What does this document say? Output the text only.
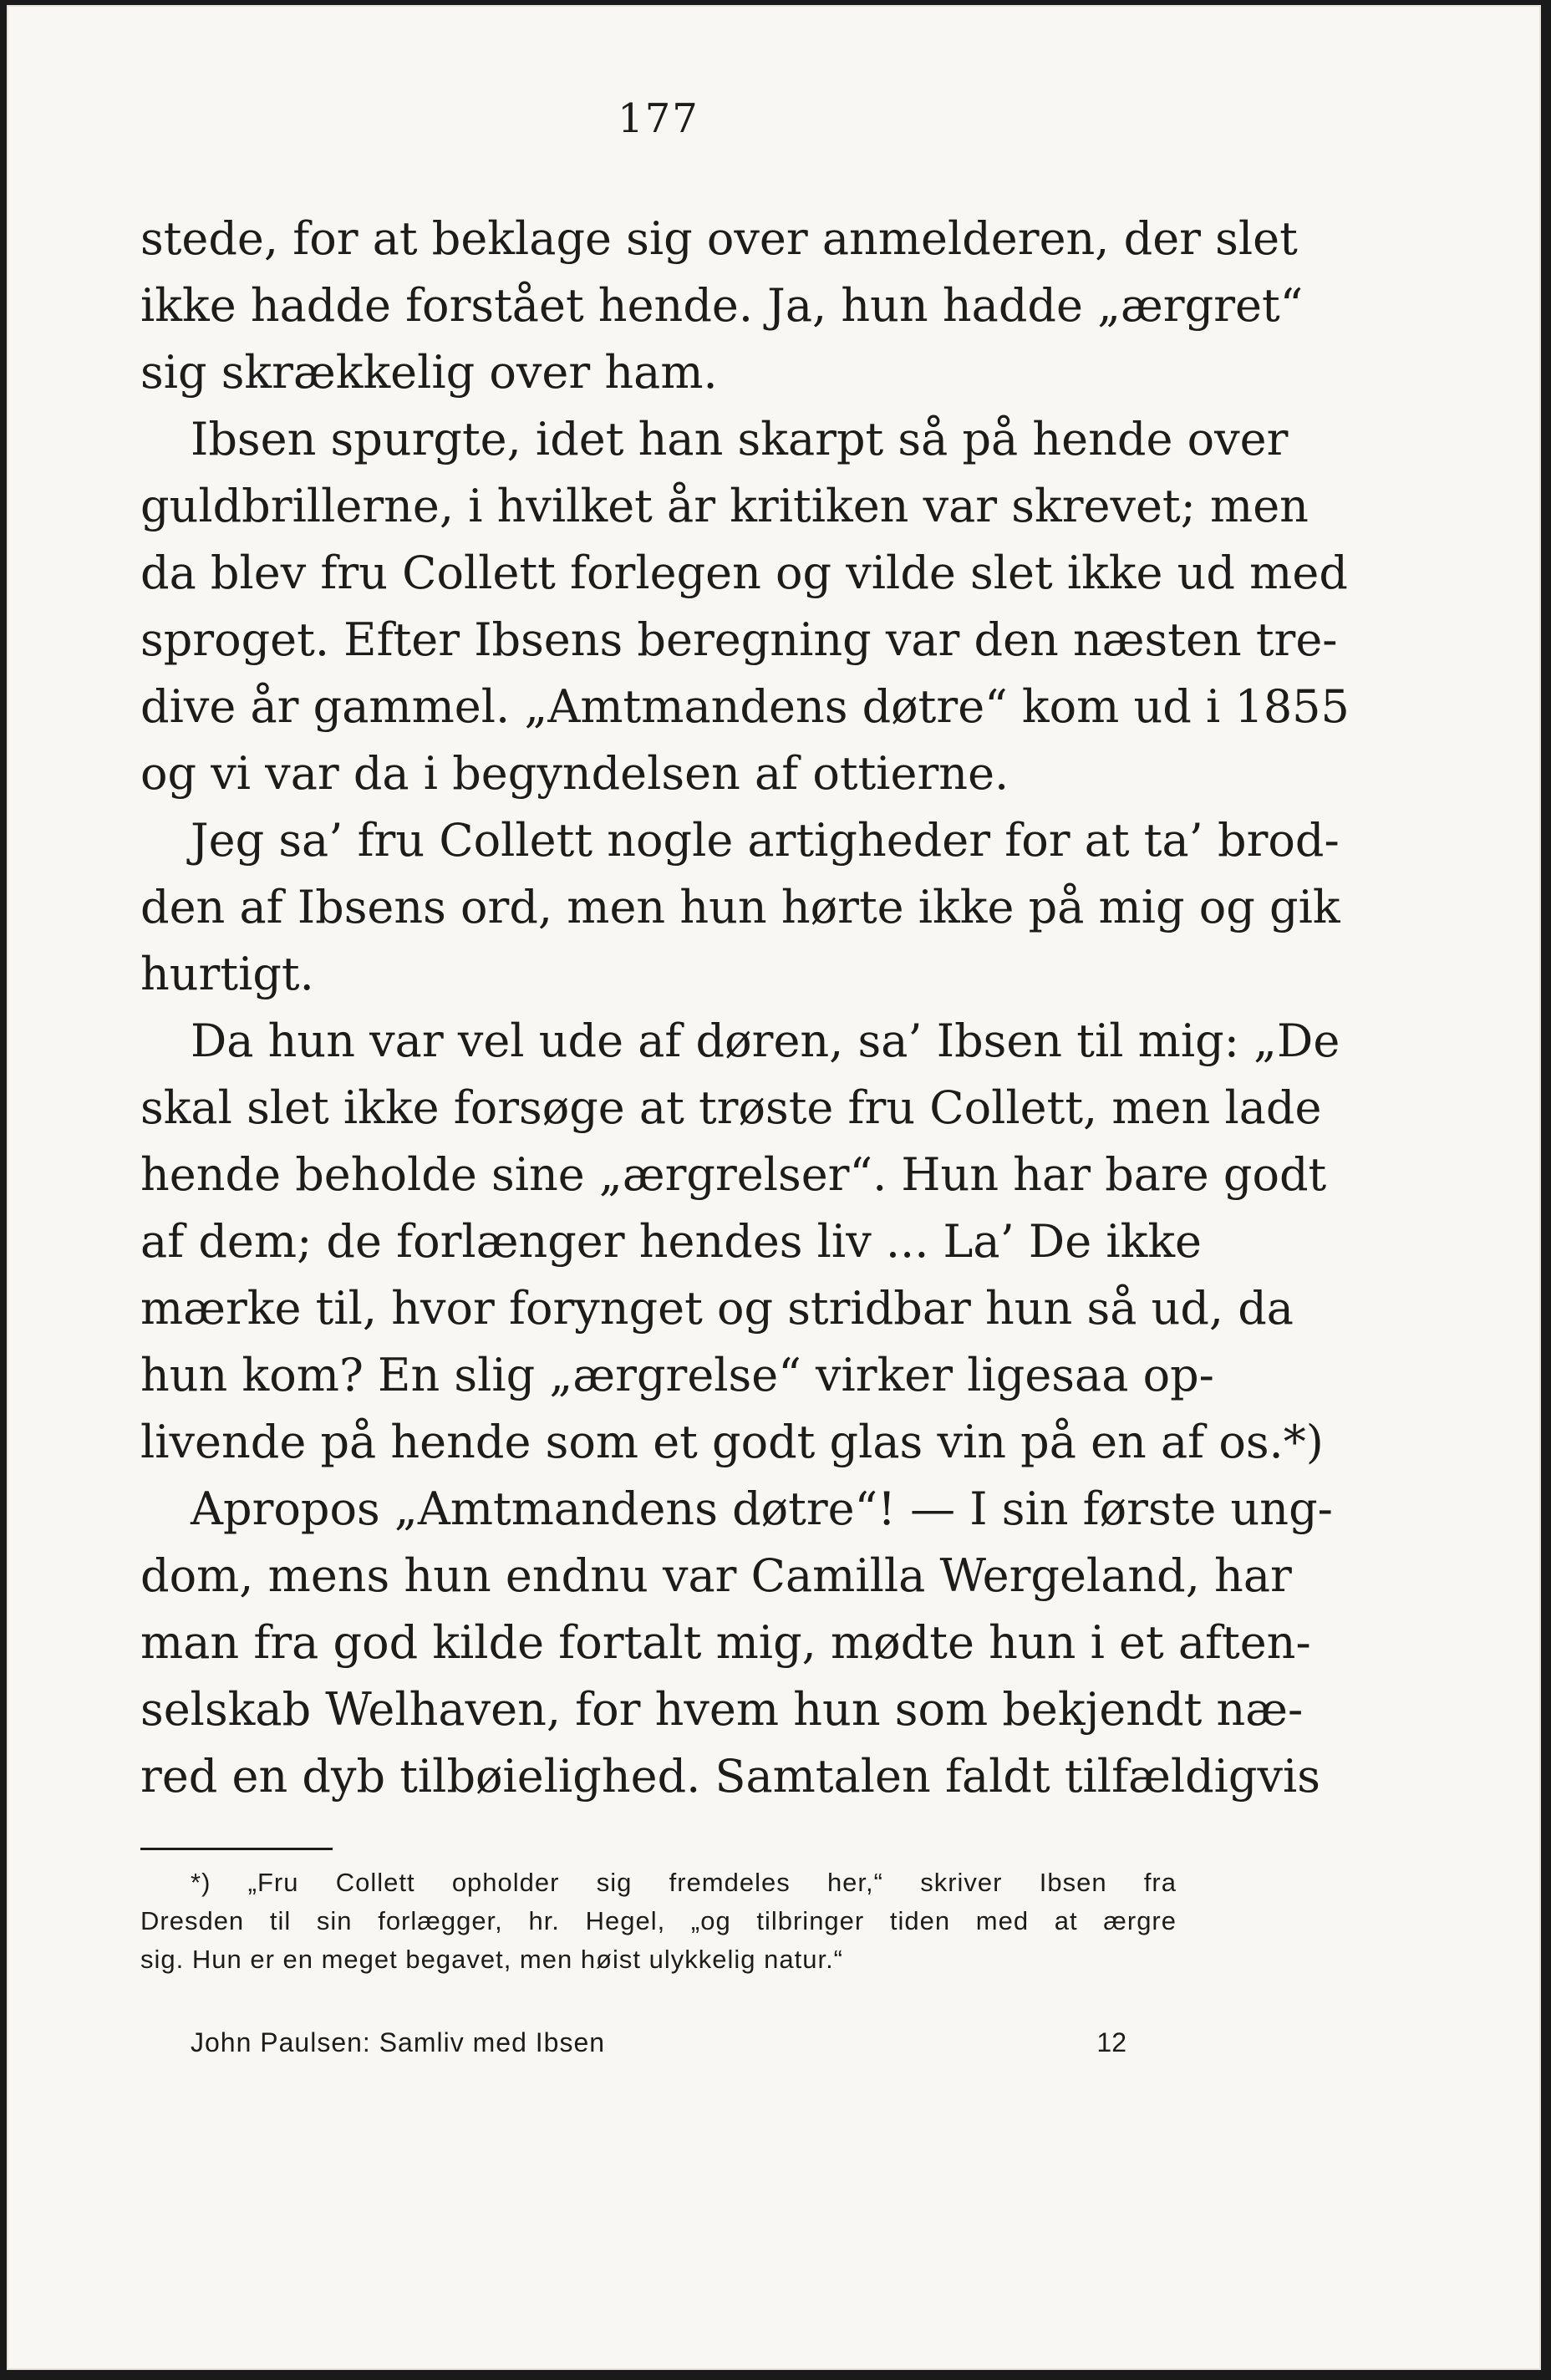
177
stede, for at beklage sig over anmelderen, der slet
ikke hadde forstået hende. Ja, hun hadde „ærgret“
sig skrækkelig over ham.
Ibsen spurgte, idet han skarpt så på hende over
guldbrillerne, i hvilket år kritiken var skrevet; men
da blev fru Collett forlegen og vilde slet ikke ud med
sproget. Efter Ibsens beregning var den næsten tre-
dive år gammel. „Amtmandens døtre“ kom ud i 1855
og vi var da i begyndelsen af ottierne.
Jeg sa’ fru Collett nogle artigheder for at ta’ brod-
den af Ibsens ord, men hun hørte ikke på mig og gik
hurtigt.
Da hun var vel ude af døren, sa’ Ibsen til mig: „De
skal slet ikke forsøge at trøste fru Collett, men lade
hende beholde sine „ærgrelser“. Hun har bare godt
af dem; de forlænger hendes liv ... La’ De ikke
mærke til, hvor forynget og stridbar hun så ud, da
hun kom? En slig „ærgrelse“ virker ligesaa op-
livende på hende som et godt glas vin på en af os.*)
Apropos „Amtmandens døtre“! — I sin første ung-
dom, mens hun endnu var Camilla Wergeland, har
man fra god kilde fortalt mig, mødte hun i et aften-
selskab Welhaven, for hvem hun som bekjendt næ-
red en dyb tilbøielighed. Samtalen faldt tilfældigvis
*) „Fru Collett opholder sig fremdeles her,“ skriver Ibsen fra
Dresden til sin forlægger, hr. Hegel, „og tilbringer tiden med at ærgre
sig. Hun er en meget begavet, men høist ulykkelig natur.“
John Paulsen: Samliv med Ibsen	12
